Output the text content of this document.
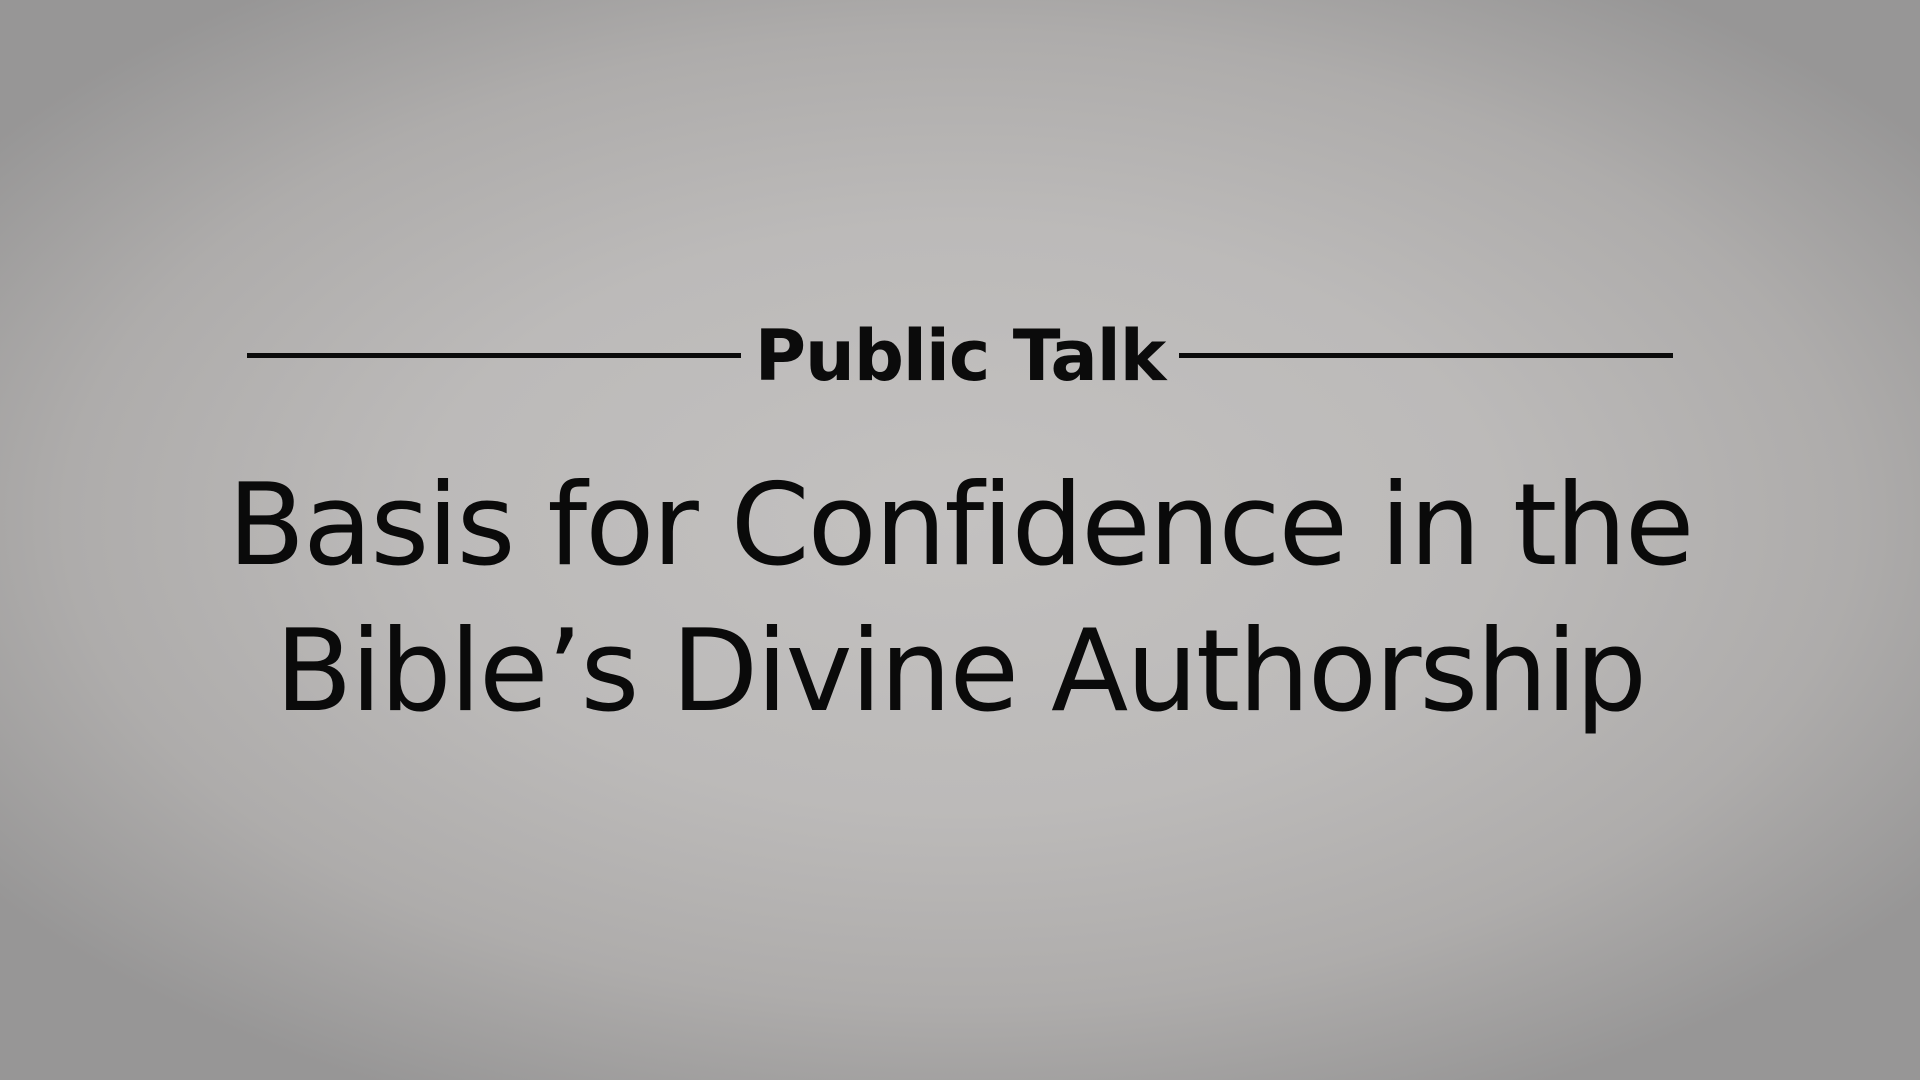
Public Talk
Basis for Confidence in the
Bible’s Divine Authorship
